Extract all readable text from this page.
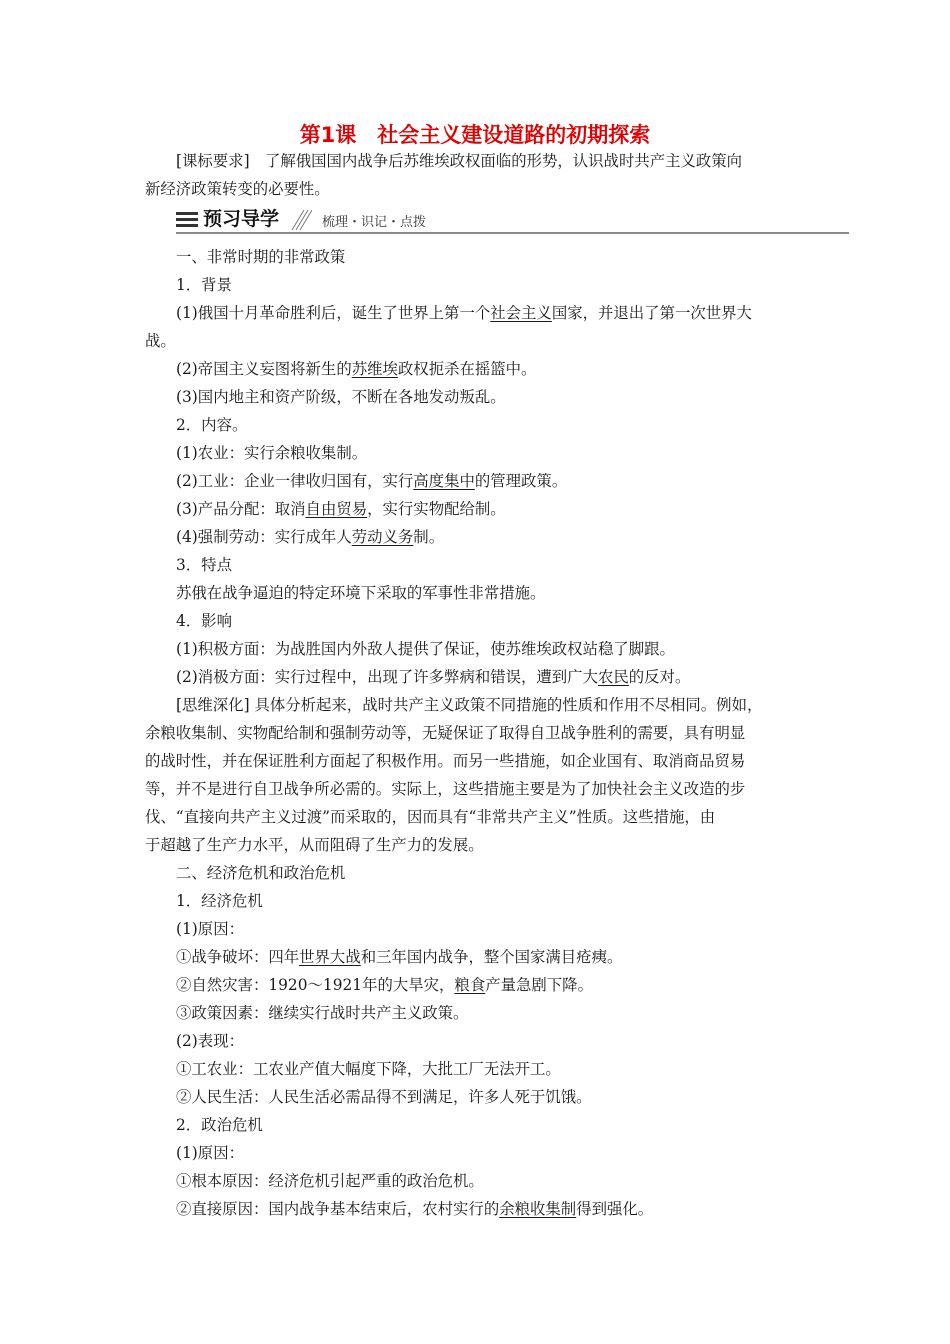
第1课　社会主义建设道路的初期探索
[课标要求]　了解俄国国内战争后苏维埃政权面临的形势，认识战时共产主义政策向
新经济政策转变的必要性。
预习导学	梳理・识记・点拨
一、非常时期的非常政策
1．背景
(1)俄国十月革命胜利后，诞生了世界上第一个社会主义国家，并退出了第一次世界大
战。
(2)帝国主义妄图将新生的苏维埃政权扼杀在摇篮中。
(3)国内地主和资产阶级，不断在各地发动叛乱。
2．内容。
(1)农业：实行余粮收集制。
(2)工业：企业一律收归国有，实行高度集中的管理政策。
(3)产品分配：取消自由贸易，实行实物配给制。
(4)强制劳动：实行成年人劳动义务制。
3．特点
苏俄在战争逼迫的特定环境下采取的军事性非常措施。
4．影响
(1)积极方面：为战胜国内外敌人提供了保证，使苏维埃政权站稳了脚跟。
(2)消极方面：实行过程中，出现了许多弊病和错误，遭到广大农民的反对。
[思维深化] 具体分析起来，战时共产主义政策不同措施的性质和作用不尽相同。例如，
余粮收集制、实物配给制和强制劳动等，无疑保证了取得自卫战争胜利的需要，具有明显
的战时性，并在保证胜利方面起了积极作用。而另一些措施，如企业国有、取消商品贸易
等，并不是进行自卫战争所必需的。实际上，这些措施主要是为了加快社会主义改造的步
伐、“直接向共产主义过渡”而采取的，因而具有“非常共产主义”性质。这些措施，由
于超越了生产力水平，从而阻碍了生产力的发展。
二、经济危机和政治危机
1．经济危机
(1)原因：
①战争破坏：四年世界大战和三年国内战争，整个国家满目疮痍。
②自然灾害：1920～1921年的大旱灾，粮食产量急剧下降。
③政策因素：继续实行战时共产主义政策。
(2)表现：
①工农业：工农业产值大幅度下降，大批工厂无法开工。
②人民生活：人民生活必需品得不到满足，许多人死于饥饿。
2．政治危机
(1)原因：
①根本原因：经济危机引起严重的政治危机。
②直接原因：国内战争基本结束后，农村实行的余粮收集制得到强化。
